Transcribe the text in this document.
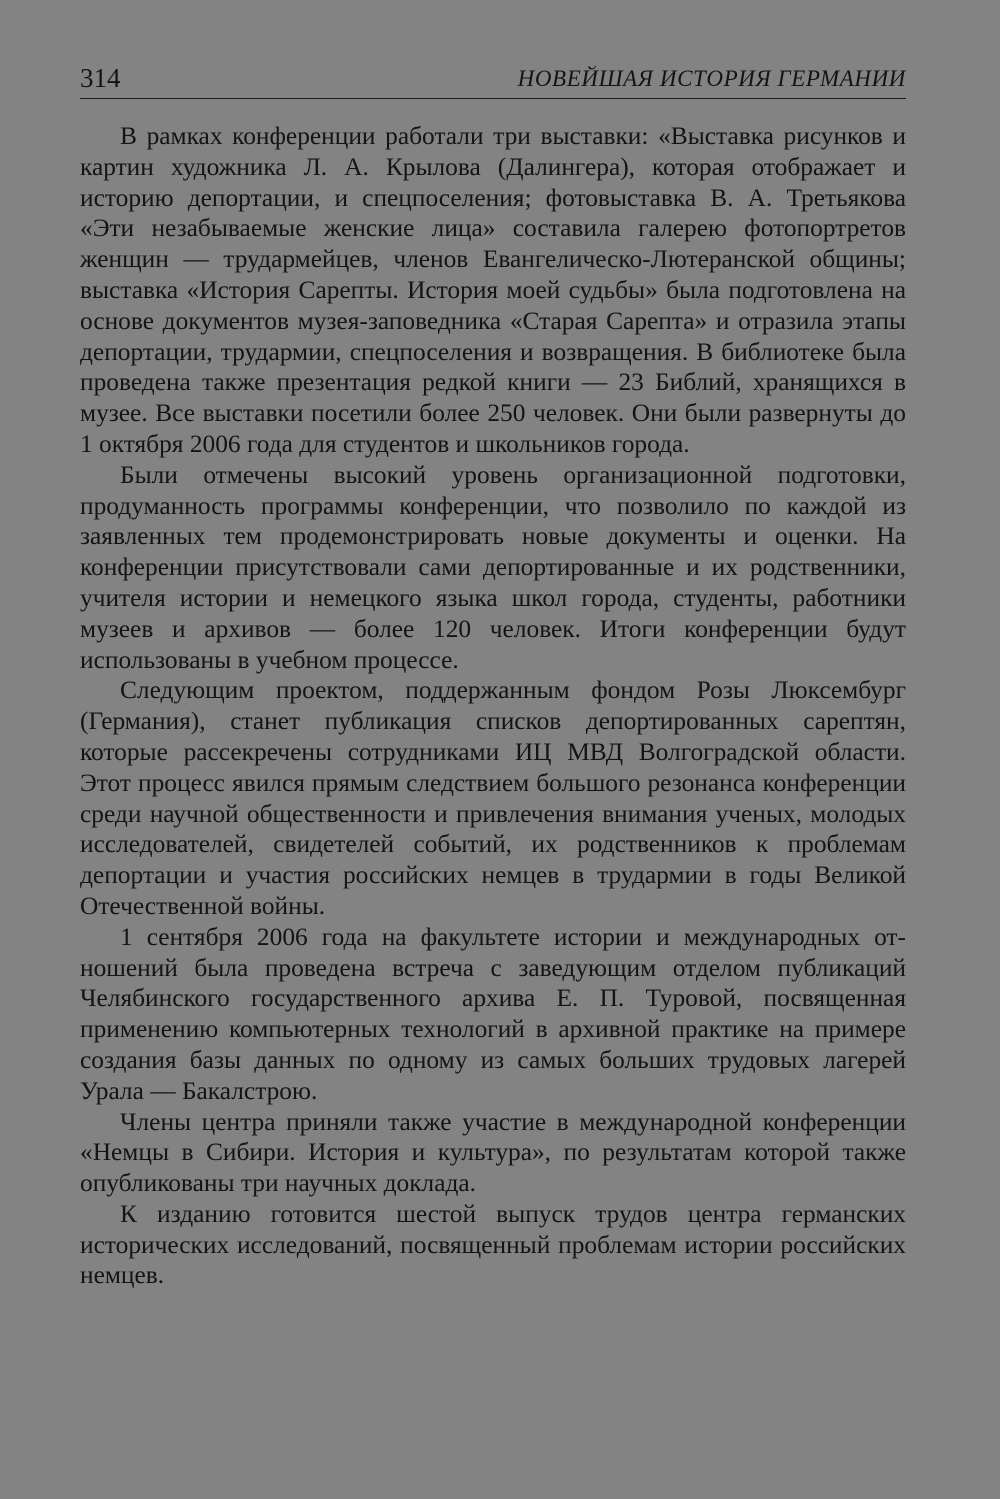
314	НОВЕЙШАЯ ИСТОРИЯ ГЕРМАНИИ

В рамках конференции работали три выставки: «Выставка рисунков и картин художника Л. А. Крылова (Далингера), которая отображает и историю депортации, и спецпоселения; фотовыставка В. А. Третьякова «Эти незабываемые женские лица» составила галерею фотопортретов женщин — трудармейцев, членов Евангелическо-Лютеранской общины; выставка «История Сарепты. История моей судьбы» была подготовлена на основе документов музея-заповедника «Старая Сарепта» и отразила этапы депортации, трудармии, спецпоселения и возвращения. В библиотеке была проведена также презентация редкой книги — 23 Библий, хранящихся в музее. Все выставки посетили более 250 человек. Они были развернуты до 1 октября 2006 года для студентов и школьников города.

Были отмечены высокий уровень организационной подготовки, продуманность программы конференции, что позволило по каждой из заявленных тем продемонстрировать новые документы и оценки. На конференции присутствовали сами депортированные и их родственники, учителя истории и немецкого языка школ города, студенты, работники музеев и архивов — более 120 человек. Итоги конференции будут использованы в учебном процессе.

Следующим проектом, поддержанным фондом Розы Люксембург (Германия), станет публикация списков депортированных сарептян, которые рассекречены сотрудниками ИЦ МВД Волгоградской области. Этот процесс явился прямым следствием большого резонанса конференции среди научной общественности и привлечения внимания ученых, молодых исследователей, свидетелей событий, их родственников к проблемам депортации и участия российских немцев в трудармии в годы Великой Отечественной войны.

1 сентября 2006 года на факультете истории и международных отношений была проведена встреча с заведующим отделом публикаций Челябинского государственного архива Е. П. Туровой, посвященная применению компьютерных технологий в архивной практике на примере создания базы данных по одному из самых больших трудовых лагерей Урала — Бакалстрою.

Члены центра приняли также участие в международной конференции «Немцы в Сибири. История и культура», по результатам которой также опубликованы три научных доклада.

К изданию готовится шестой выпуск трудов центра германских исторических исследований, посвященный проблемам истории российских немцев.
